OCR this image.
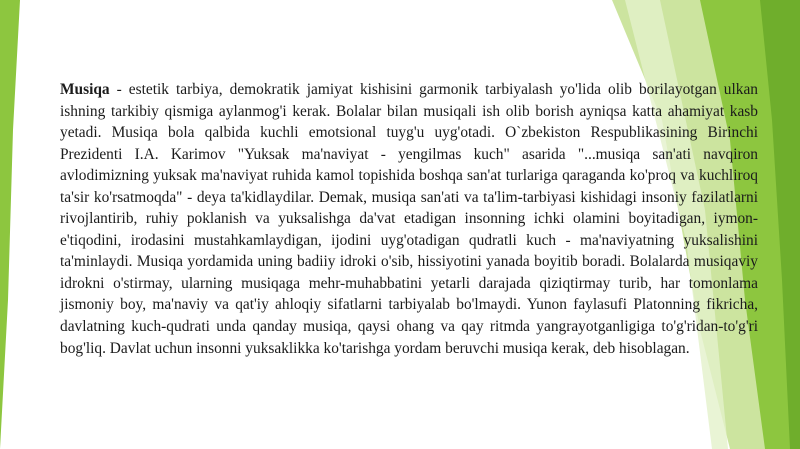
Musiqa - estetik tarbiya, demokratik jamiyat kishisini garmonik tarbiyalash yo'lida olib borilayotgan ulkan ishning tarkibiy qismiga aylanmog'i kerak. Bolalar bilan musiqali ish olib borish ayniqsa katta ahamiyat kasb yetadi. Musiqa bola qalbida kuchli emotsional tuyg'u uyg'otadi. O`zbekiston Respublikasining Birinchi Prezidenti I.A. Karimov "Yuksak ma'naviyat - yengilmas kuch" asarida "...musiqa san'ati navqiron avlodimizning yuksak ma'naviyat ruhida kamol topishida boshqa san'at turlariga qaraganda ko'proq va kuchliroq ta'sir ko'rsatmoqda" - deya ta'kidlaydilar. Demak, musiqa san'ati va ta'lim-tarbiyasi kishidagi insoniy fazilatlarni rivojlantirib, ruhiy poklanish va yuksalishga da'vat etadigan insonning ichki olamini boyitadigan, iymon-e'tiqodini, irodasini mustahkamlaydigan, ijodini uyg'otadigan qudratli kuch - ma'naviyatning yuksalishini ta'minlaydi. Musiqa yordamida uning badiiy idroki o'sib, hissiyotini yanada boyitib boradi. Bolalarda musiqaviy idrokni o'stirmay, ularning musiqaga mehr-muhabbatini yetarli darajada qiziqtirmay turib, har tomonlama jismoniy boy, ma'naviy va qat'iy ahloqiy sifatlarni tarbiyalab bo'lmaydi. Yunon faylasufi Platonning fikricha, davlatning kuch-qudrati unda qanday musiqa, qaysi ohang va qay ritmda yangrayotganligiga to'g'ridan-to'g'ri bog'liq. Davlat uchun insonni yuksaklikka ko'tarishga yordam beruvchi musiqa kerak, deb hisoblagan.
